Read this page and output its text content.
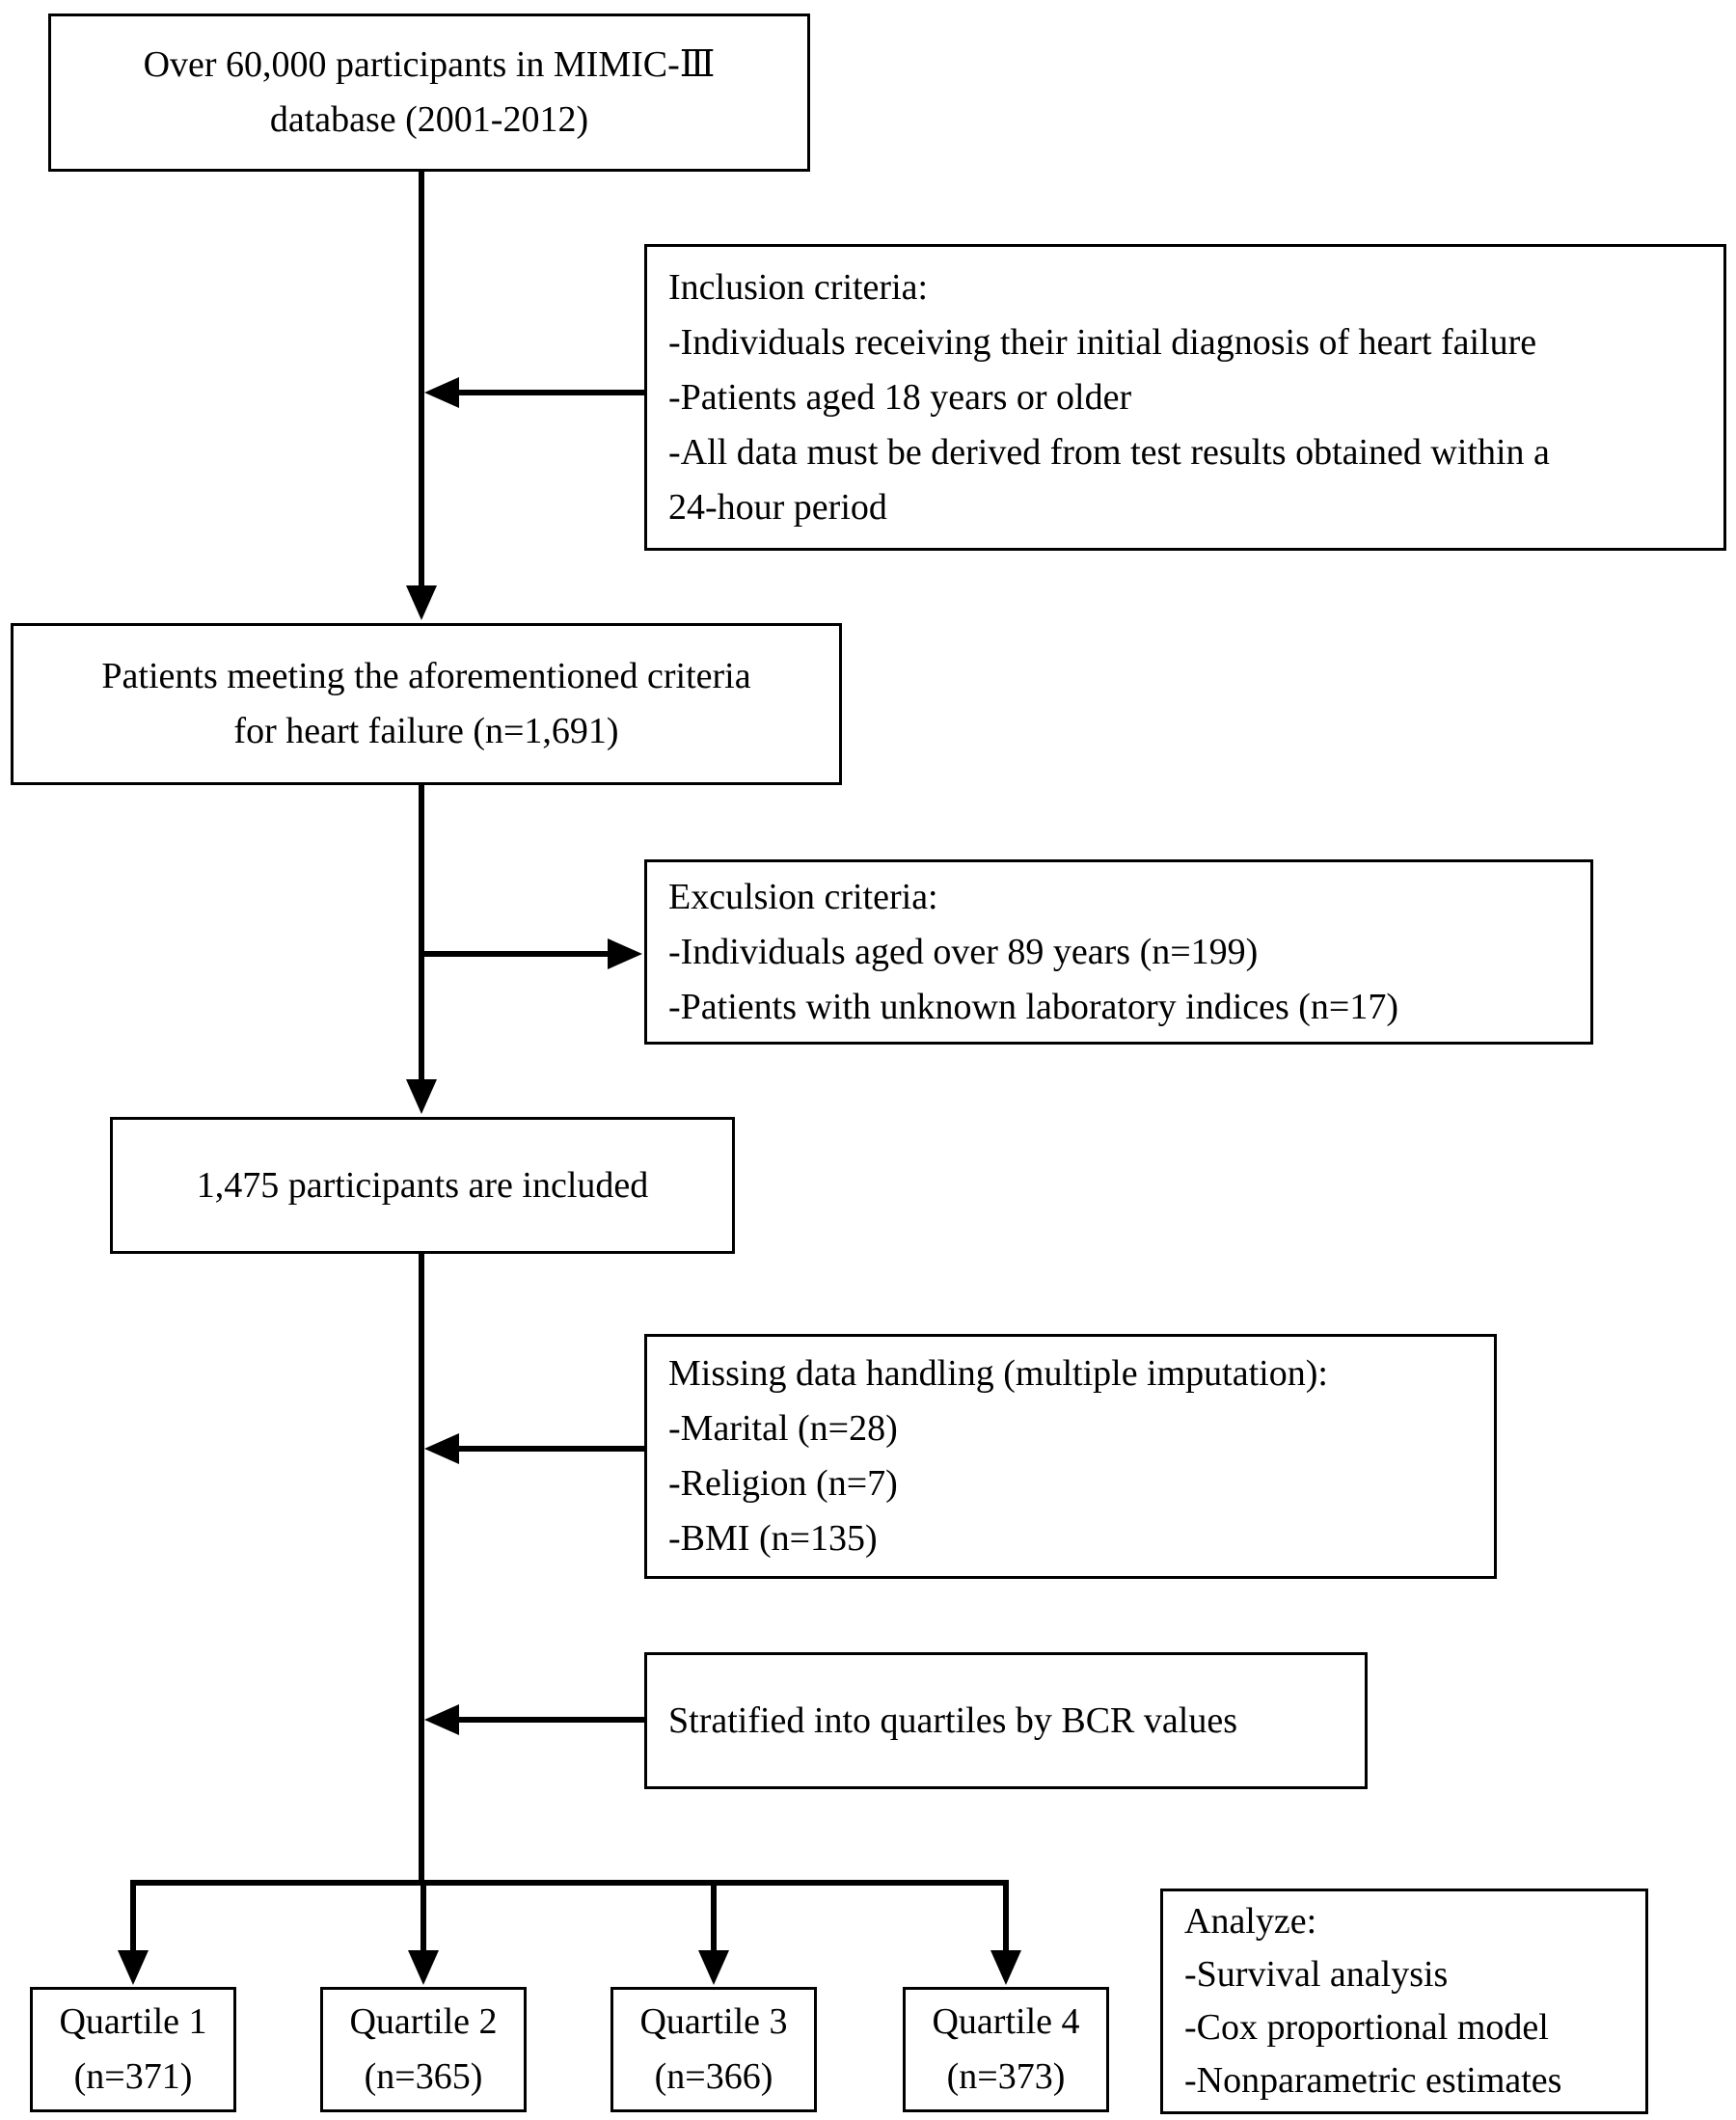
Over 60,000 participants in MIMIC-Ⅲ
database (2001-2012)
Inclusion criteria:
-Individuals receiving their initial diagnosis of heart failure
-Patients aged 18 years or older
-All data must be derived from test results obtained within a
24-hour period
Patients meeting the aforementioned criteria
for heart failure (n=1,691)
Exculsion criteria:
-Individuals aged over 89 years (n=199)
-Patients with unknown laboratory indices (n=17)
1,475 participants are included
Missing data handling (multiple imputation):
-Marital (n=28)
-Religion (n=7)
-BMI (n=135)
Stratified into quartiles by BCR values
Quartile 1
(n=371)
Quartile 2
(n=365)
Quartile 3
(n=366)
Quartile 4
(n=373)
Analyze:
-Survival analysis
-Cox proportional model
-Nonparametric estimates
